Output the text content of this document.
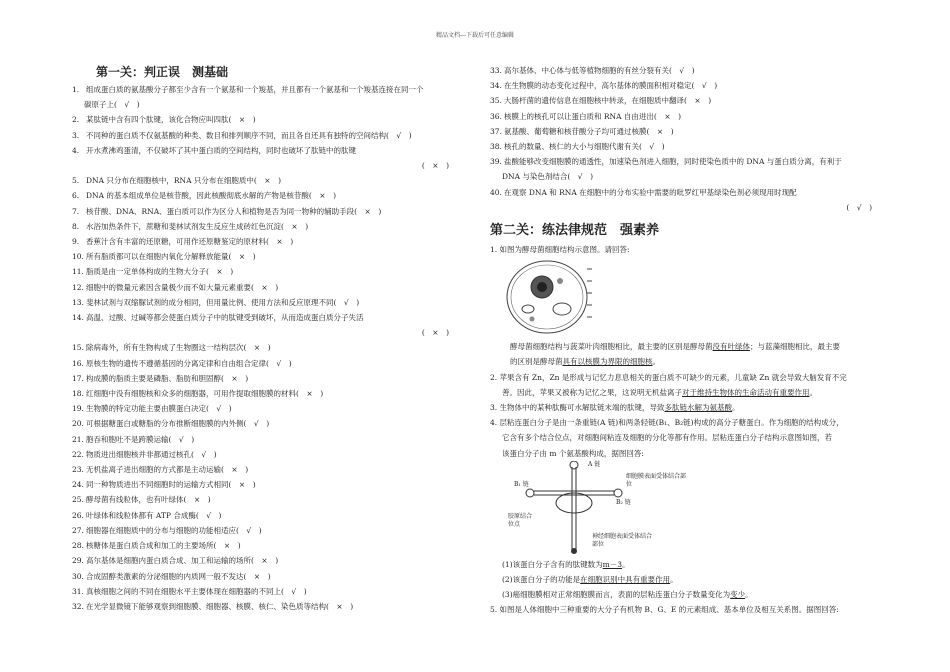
精品文档---下载后可任意编辑
第一关：判正误　测基础
1. 组成蛋白质的氨基酸分子都至少含有一个氨基和一个羧基，并且都有一个氨基和一个羧基连接在同一个
碳原子上(　√　)
2. 某肽链中含有四个肽键，该化合物应叫四肽(　×　)
3. 不同种的蛋白质不仅氨基酸的种类、数目和排列顺序不同，而且各自还具有独特的空间结构(　√　)
4. 开水煮沸鸡蛋清，不仅破坏了其中蛋白质的空间结构，同时也破坏了肽链中的肽键
(　×　)
5. DNA 只分布在细胞核中，RNA 只分布在细胞质中(　×　)
6. DNA 的基本组成单位是核苷酸，因此核酸彻底水解的产物是核苷酸(　×　)
7. 核苷酸、DNA、RNA、蛋白质可以作为区分人和植物是否为同一物种的辅助手段(　×　)
8. 水浴加热条件下，蔗糖和斐林试剂发生反应生成砖红色沉淀(　×　)
9. 香蕉汁含有丰富的还原糖，可用作还原糖鉴定的原材料(　×　)
10. 所有脂质都可以在细胞内氧化分解释放能量(　×　)
11. 脂质是由一定单体构成的生物大分子(　×　)
12. 细胞中的微量元素因含量极少而不如大量元素重要(　×　)
13. 斐林试剂与双缩脲试剂的成分相同，但用量比例、使用方法和反应原理不同(　√　)
14. 高温、过酸、过碱等都会使蛋白质分子中的肽键受到破坏，从而造成蛋白质分子失活
(　×　)
15. 除病毒外，所有生物构成了生物圈这一结构层次(　×　)
16. 原核生物的遗传不遵循基因的分离定律和自由组合定律(　√　)
17. 构成膜的脂质主要是磷脂、脂肪和胆固醇(　×　)
18. 红细胞中没有细胞核和众多的细胞器，可用作提取细胞膜的材料(　×　)
19. 生物膜的特定功能主要由膜蛋白决定(　√　)
20. 可根据糖蛋白或糖脂的分布推断细胞膜的内外侧(　√　)
21. 胞吞和胞吐不是跨膜运输(　√　)
22. 物质进出细胞核并非都通过核孔(　√　)
23. 无机盐离子进出细胞的方式都是主动运输(　×　)
24. 同一种物质进出不同细胞时的运输方式相同(　×　)
25. 酵母菌有线粒体，也有叶绿体(　×　)
26. 叶绿体和线粒体都有 ATP 合成酶(　√　)
27. 细胞器在细胞质中的分布与细胞的功能相适应(　√　)
28. 核糖体是蛋白质合成和加工的主要场所(　×　)
29. 高尔基体是细胞内蛋白质合成、加工和运输的场所(　×　)
30. 合成固醇类激素的分泌细胞的内质网一般不发达(　×　)
31. 真核细胞之间的不同在细胞水平主要体现在细胞器的不同上(　√　)
32. 在光学显微镜下能够观察到细胞膜、细胞器、核膜、核仁、染色质等结构(　×　)
33. 高尔基体、中心体与低等植物细胞的有丝分裂有关(　√　)
34. 在生物膜的动态变化过程中，高尔基体的膜面积相对稳定(　√　)
35. 大肠杆菌的遗传信息在细胞核中转录，在细胞质中翻译(　×　)
36. 核膜上的核孔可以让蛋白质和 RNA 自由进出(　×　)
37. 氨基酸、葡萄糖和核苷酸分子均可通过核膜(　×　)
38. 核孔的数量、核仁的大小与细胞代谢有关(　√　)
39. 盐酸能够改变细胞膜的通透性，加速染色剂进入细胞，同时使染色质中的 DNA 与蛋白质分离，有利于
DNA 与染色剂结合(　√　)
40. 在观察 DNA 和 RNA 在细胞中的分布实验中需要的吡罗红甲基绿染色剂必须现用时现配
(　√　)
第二关：练法律规范　强素养
1. 如图为酵母菌细胞结构示意图。请回答:
酵母菌细胞结构与菠菜叶肉细胞相比，最主要的区别是酵母菌没有叶绿体；与蓝藻细胞相比，最主要
的区别是酵母菌具有以核膜为界限的细胞核。
2. 苹果含有 Zn，Zn 是形成与记忆力息息相关的蛋白质不可缺少的元素，儿童缺 Zn 就会导致大脑发育不完
善。因此，苹果又被称为记忆之果，这说明无机盐离子对于维持生物体的生命活动有重要作用。
3. 生物体中的某种肽酶可水解肽链末端的肽键，导致多肽链水解为氨基酸。
4. 层粘连蛋白分子是由一条重链(A 链)和两条轻链(B₁、B₂链)构成的高分子糖蛋白。作为细胞的结构成分，
它含有多个结合位点，对细胞间粘连及细胞的分化等都有作用。层粘连蛋白分子结构示意图如图，若
该蛋白分子由 m 个氨基酸构成，据图回答:
A 链
细胞膜表面受体结合部位
B₁ 链
B₂ 链
胶原结合位点
神经细胞表面受体结合部位
(1)该蛋白分子含有的肽键数为m－3。
(2)该蛋白分子的功能是在细胞识别中具有重要作用。
(3)癌细胞膜相对正常细胞膜而言，表面的层粘连蛋白分子数量变化为变少。
5. 如图是人体细胞中三种重要的大分子有机物 B、G、E 的元素组成、基本单位及相互关系图。据图回答:
